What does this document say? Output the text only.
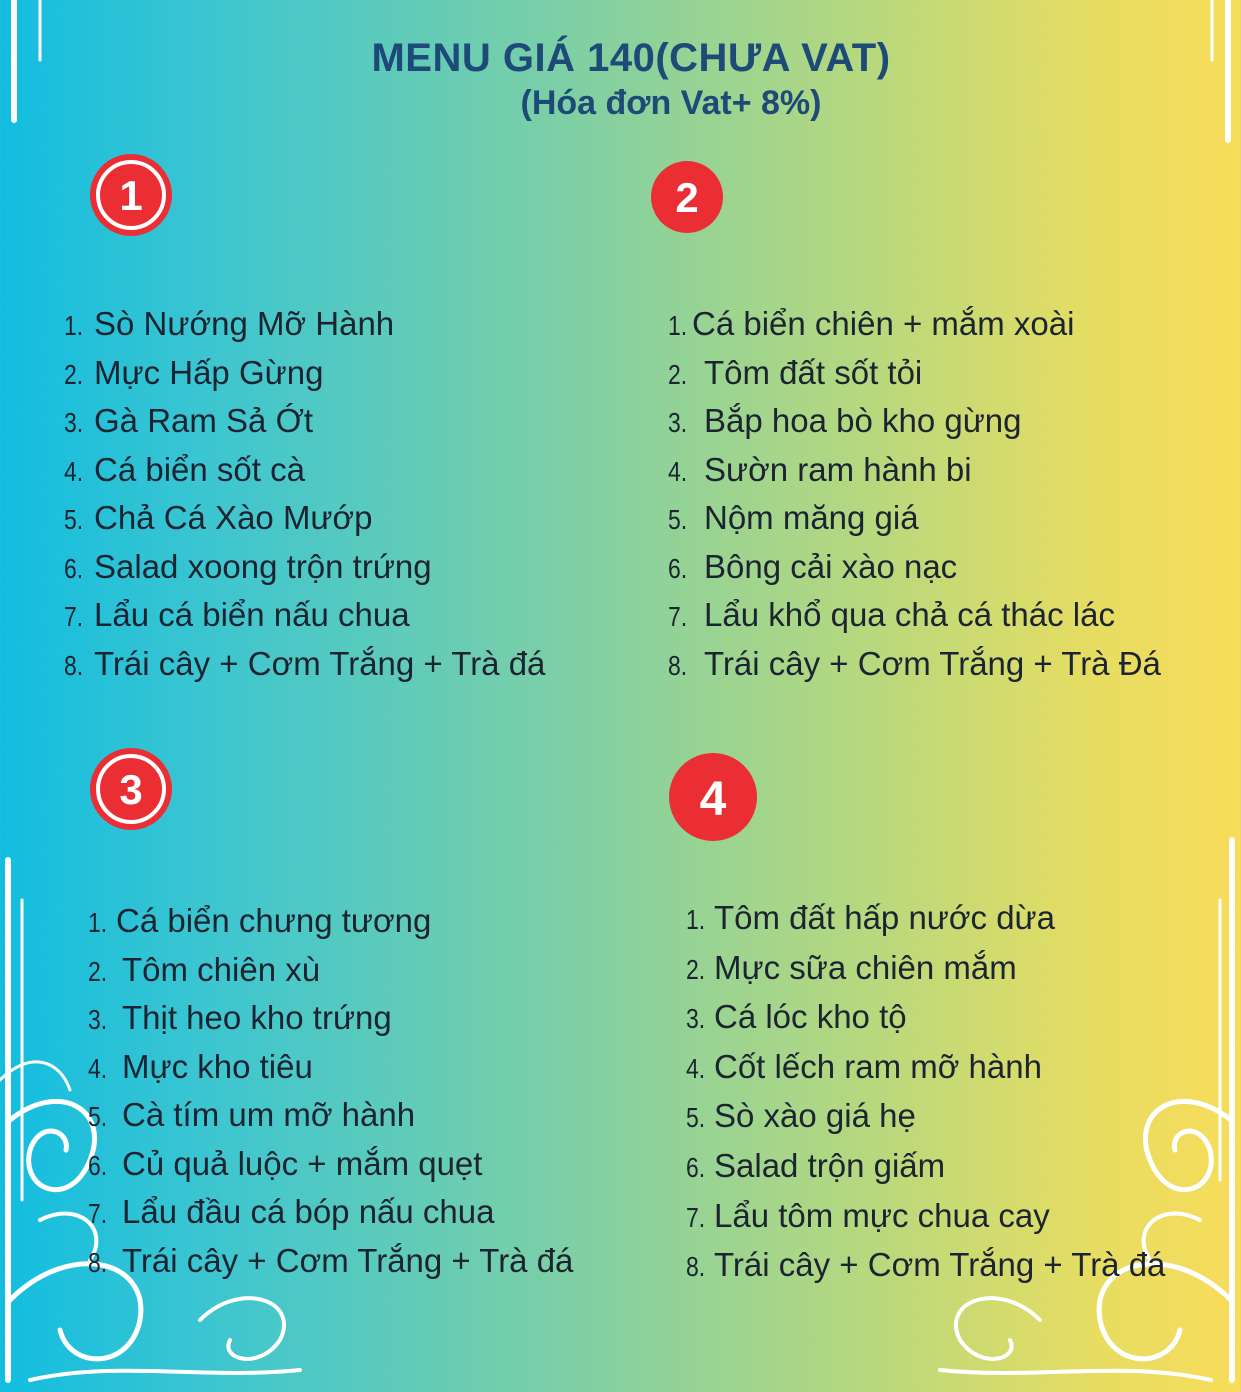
MENU GIÁ 140(CHƯA VAT)
(Hóa đơn Vat+ 8%)
1	2
3	4
1. Sò Nướng Mỡ Hành
2. Mực Hấp Gừng
3. Gà Ram Sả Ớt
4. Cá biển sốt cà
5. Chả Cá Xào Mướp
6. Salad xoong trộn trứng
7. Lẩu cá biển nấu chua
8. Trái cây + Cơm Trắng + Trà đá
1. Cá biển chiên + mắm xoài
2. Tôm đất sốt tỏi
3. Bắp hoa bò kho gừng
4. Sườn ram hành bi
5. Nộm măng giá
6. Bông cải xào nạc
7. Lẩu khổ qua chả cá thác lác
8. Trái cây + Cơm Trắng + Trà Đá
1. Cá biển chưng tương
2. Tôm chiên xù
3. Thịt heo kho trứng
4. Mực kho tiêu
5. Cà tím um mỡ hành
6. Củ quả luộc + mắm quẹt
7. Lẩu đầu cá bóp nấu chua
8. Trái cây + Cơm Trắng + Trà đá
1. Tôm đất hấp nước dừa
2. Mực sữa chiên mắm
3. Cá lóc kho tộ
4. Cốt lếch ram mỡ hành
5. Sò xào giá hẹ
6. Salad trộn giấm
7. Lẩu tôm mực chua cay
8. Trái cây + Cơm Trắng + Trà đá
